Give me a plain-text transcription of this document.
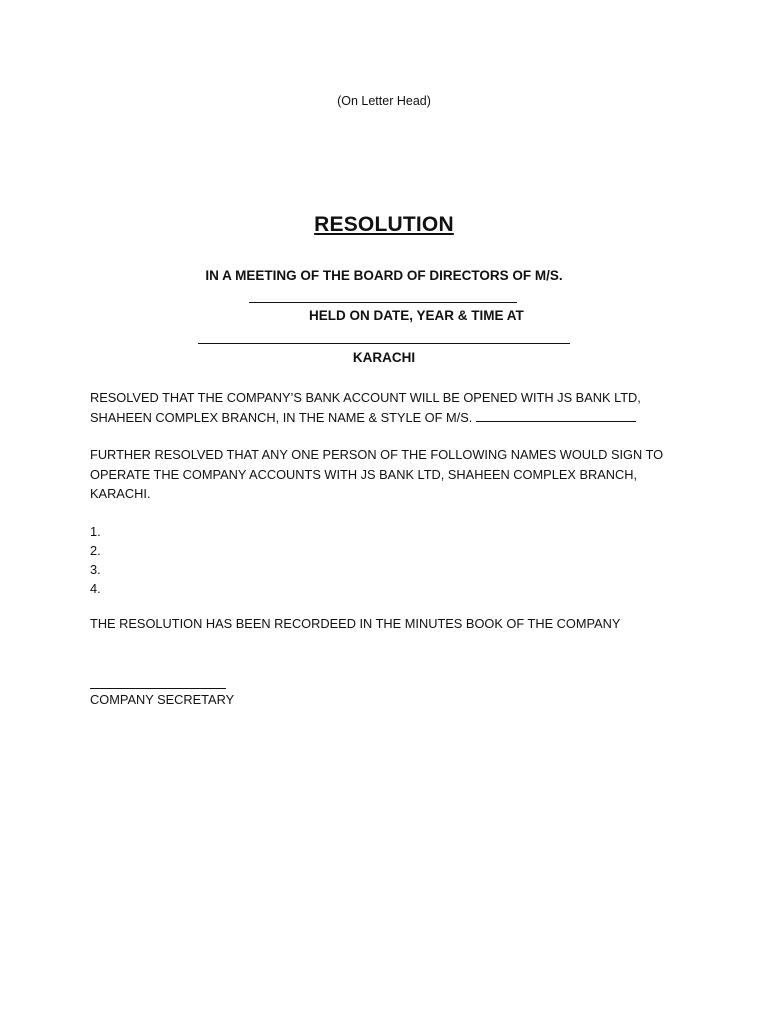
(On Letter Head)
RESOLUTION
IN A MEETING OF THE BOARD OF DIRECTORS OF M/S.
HELD ON DATE, YEAR & TIME AT
KARACHI
RESOLVED THAT THE COMPANY’S BANK ACCOUNT WILL BE OPENED WITH JS BANK LTD,
SHAHEEN COMPLEX BRANCH, IN THE NAME & STYLE OF M/S.
FURTHER RESOLVED THAT ANY ONE PERSON OF THE FOLLOWING NAMES WOULD SIGN TO
OPERATE THE COMPANY ACCOUNTS WITH JS BANK LTD, SHAHEEN COMPLEX BRANCH,
KARACHI.
1.
2.
3.
4.
THE RESOLUTION HAS BEEN RECORDEED IN THE MINUTES BOOK OF THE COMPANY
COMPANY SECRETARY
